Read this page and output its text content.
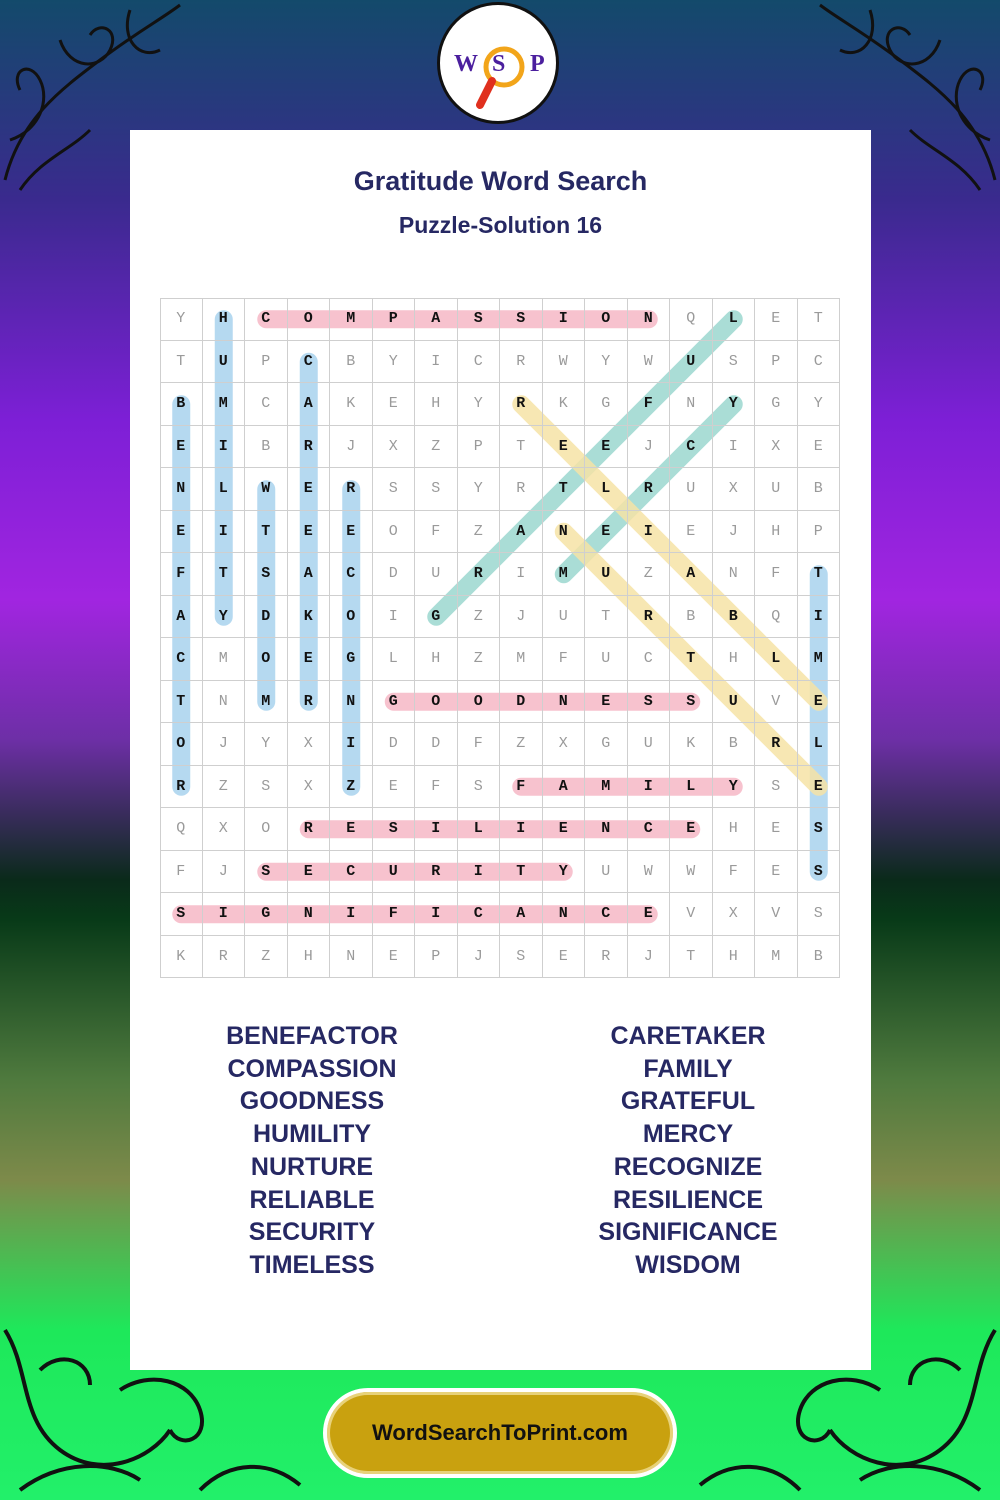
W S P
Gratitude Word Search
Puzzle-Solution 16
Y	H	C	O	M	P	A	S	S	I	O	N	Q	L	E	T
T	U	P	C	B	Y	I	C	R	W	Y	W	U	S	P	C
B	M	C	A	K	E	H	Y	R	K	G	F	N	Y	G	Y
E	I	B	R	J	X	Z	P	T	E	E	J	C	I	X	E
N	L	W	E	R	S	S	Y	R	T	L	R	U	X	U	B
E	I	T	E	E	O	F	Z	A	N	E	I	E	J	H	P
F	T	S	A	C	D	U	R	I	M	U	Z	A	N	F	T
A	Y	D	K	O	I	G	Z	J	U	T	R	B	B	Q	I
C	M	O	E	G	L	H	Z	M	F	U	C	T	H	L	M
T	N	M	R	N	G	O	O	D	N	E	S	S	U	V	E
O	J	Y	X	I	D	D	F	Z	X	G	U	K	B	R	L
R	Z	S	X	Z	E	F	S	F	A	M	I	L	Y	S	E
Q	X	O	R	E	S	I	L	I	E	N	C	E	H	E	S
F	J	S	E	C	U	R	I	T	Y	U	W	W	F	E	S
S	I	G	N	I	F	I	C	A	N	C	E	V	X	V	S
K	R	Z	H	N	E	P	J	S	E	R	J	T	H	M	B
BENEFACTOR
COMPASSION
GOODNESS
HUMILITY
NURTURE
RELIABLE
SECURITY
TIMELESS
CARETAKER
FAMILY
GRATEFUL
MERCY
RECOGNIZE
RESILIENCE
SIGNIFICANCE
WISDOM
WordSearchToPrint.com
